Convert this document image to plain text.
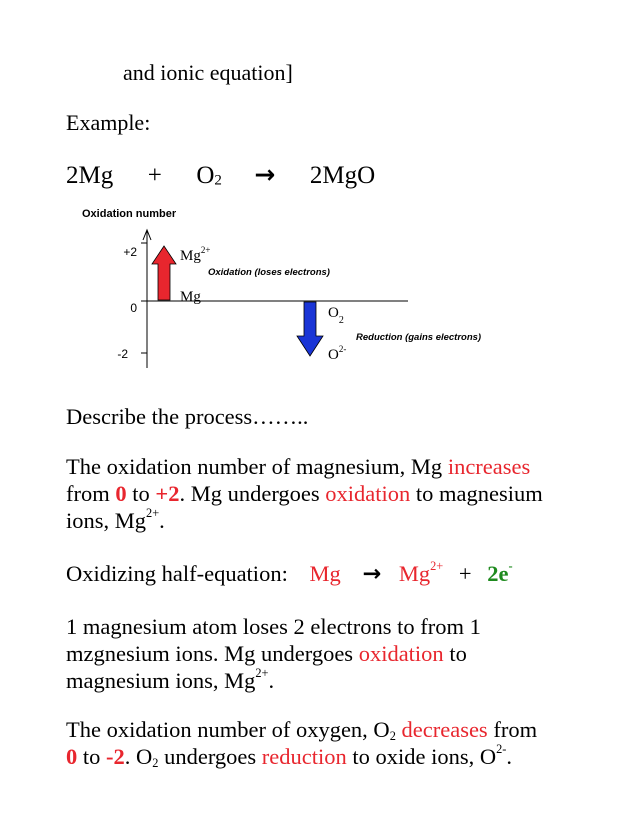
and ionic equation]
Example:
$2Mg + O_2 \to 2MgO$
Oxidation number
+2
0
-2
$Mg^{2+}$
Mg
$O_2$
$O^{2-}$
Oxidation (loses electrons)
Reduction (gains electrons)
Describe the process……..
The oxidation number of magnesium, Mg increases
from 0 to +2. Mg undergoes oxidation to magnesium
ions, $Mg^{2+}$.
Oxidizing half-equation: $Mg \to Mg^{2+} + 2e^-$
1 magnesium atom loses 2 electrons to from 1
mzgnesium ions. Mg undergoes oxidation to
magnesium ions, $Mg^{2+}$.
The oxidation number of oxygen, $O_2$ decreases from
0 to -2. $O_2$ undergoes reduction to oxide ions, $O^{2-}$.
